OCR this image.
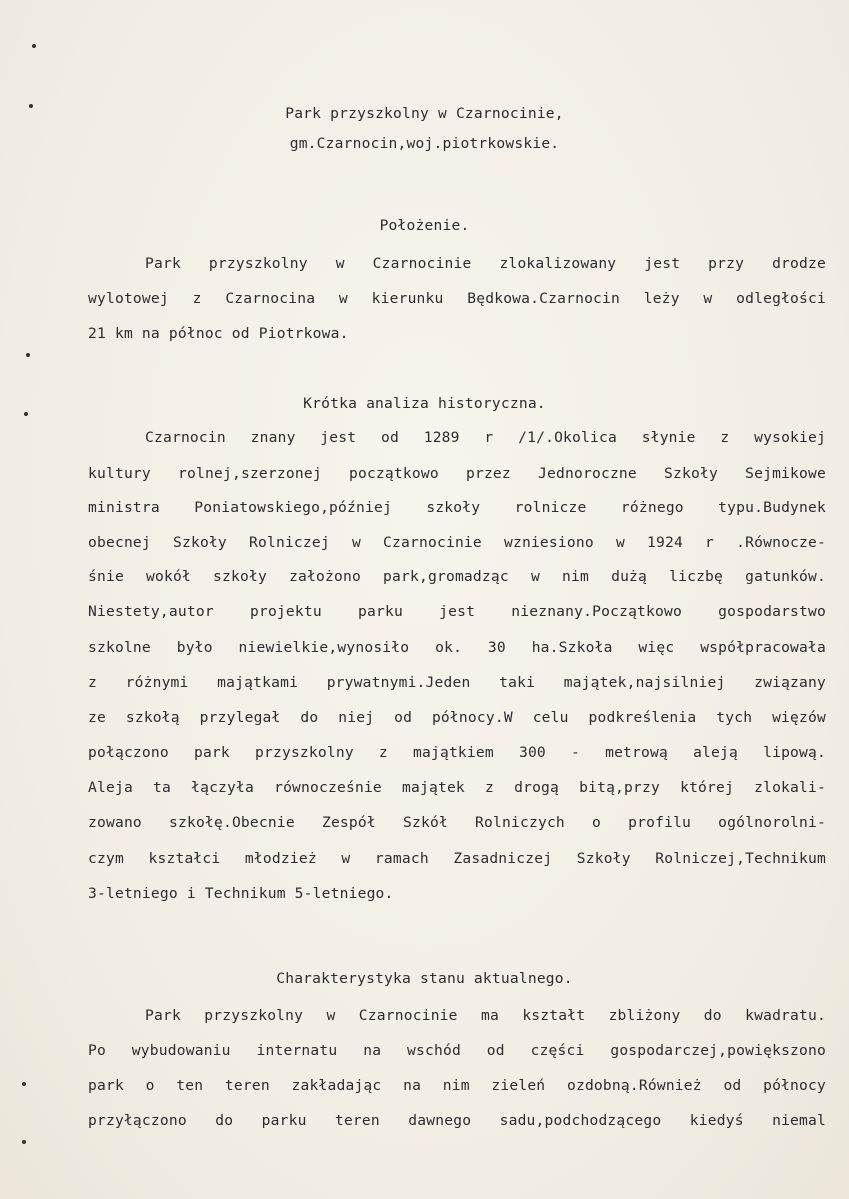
Park przyszkolny w Czarnocinie,
gm.Czarnocin,woj.piotrkowskie.
Położenie.
Park przyszkolny w Czarnocinie zlokalizowany jest przy drodze
wylotowej z Czarnocina w kierunku Będkowa.Czarnocin leży w odległości
21 km na północ od Piotrkowa.
Krótka analiza historyczna.
Czarnocin znany jest od 1289 r /1/.Okolica słynie z wysokiej
kultury rolnej,szerzonej początkowo przez Jednoroczne Szkoły Sejmikowe
ministra Poniatowskiego,później szkoły rolnicze różnego typu.Budynek
obecnej Szkoły Rolniczej w Czarnocinie wzniesiono w 1924 r .Równocze-
śnie wokół szkoły założono park,gromadząc w nim dużą liczbę gatunków.
Niestety,autor projektu parku jest nieznany.Początkowo gospodarstwo
szkolne było niewielkie,wynosiło ok. 30 ha.Szkoła więc współpracowała
z różnymi majątkami prywatnymi.Jeden taki majątek,najsilniej związany
ze szkołą przylegał do niej od północy.W celu podkreślenia tych więzów
połączono park przyszkolny z majątkiem 300 - metrową aleją lipową.
Aleja ta łączyła równocześnie majątek z drogą bitą,przy której zlokali-
zowano szkołę.Obecnie Zespół Szkół Rolniczych o profilu ogólnorolni-
czym kształci młodzież w ramach Zasadniczej Szkoły Rolniczej,Technikum
3-letniego i Technikum 5-letniego.
Charakterystyka stanu aktualnego.
Park przyszkolny w Czarnocinie ma kształt zbliżony do kwadratu.
Po wybudowaniu internatu na wschód od części gospodarczej,powiększono
park o ten teren zakładając na nim zieleń ozdobną.Również od północy
przyłączono do parku teren dawnego sadu,podchodzącego kiedyś niemal
